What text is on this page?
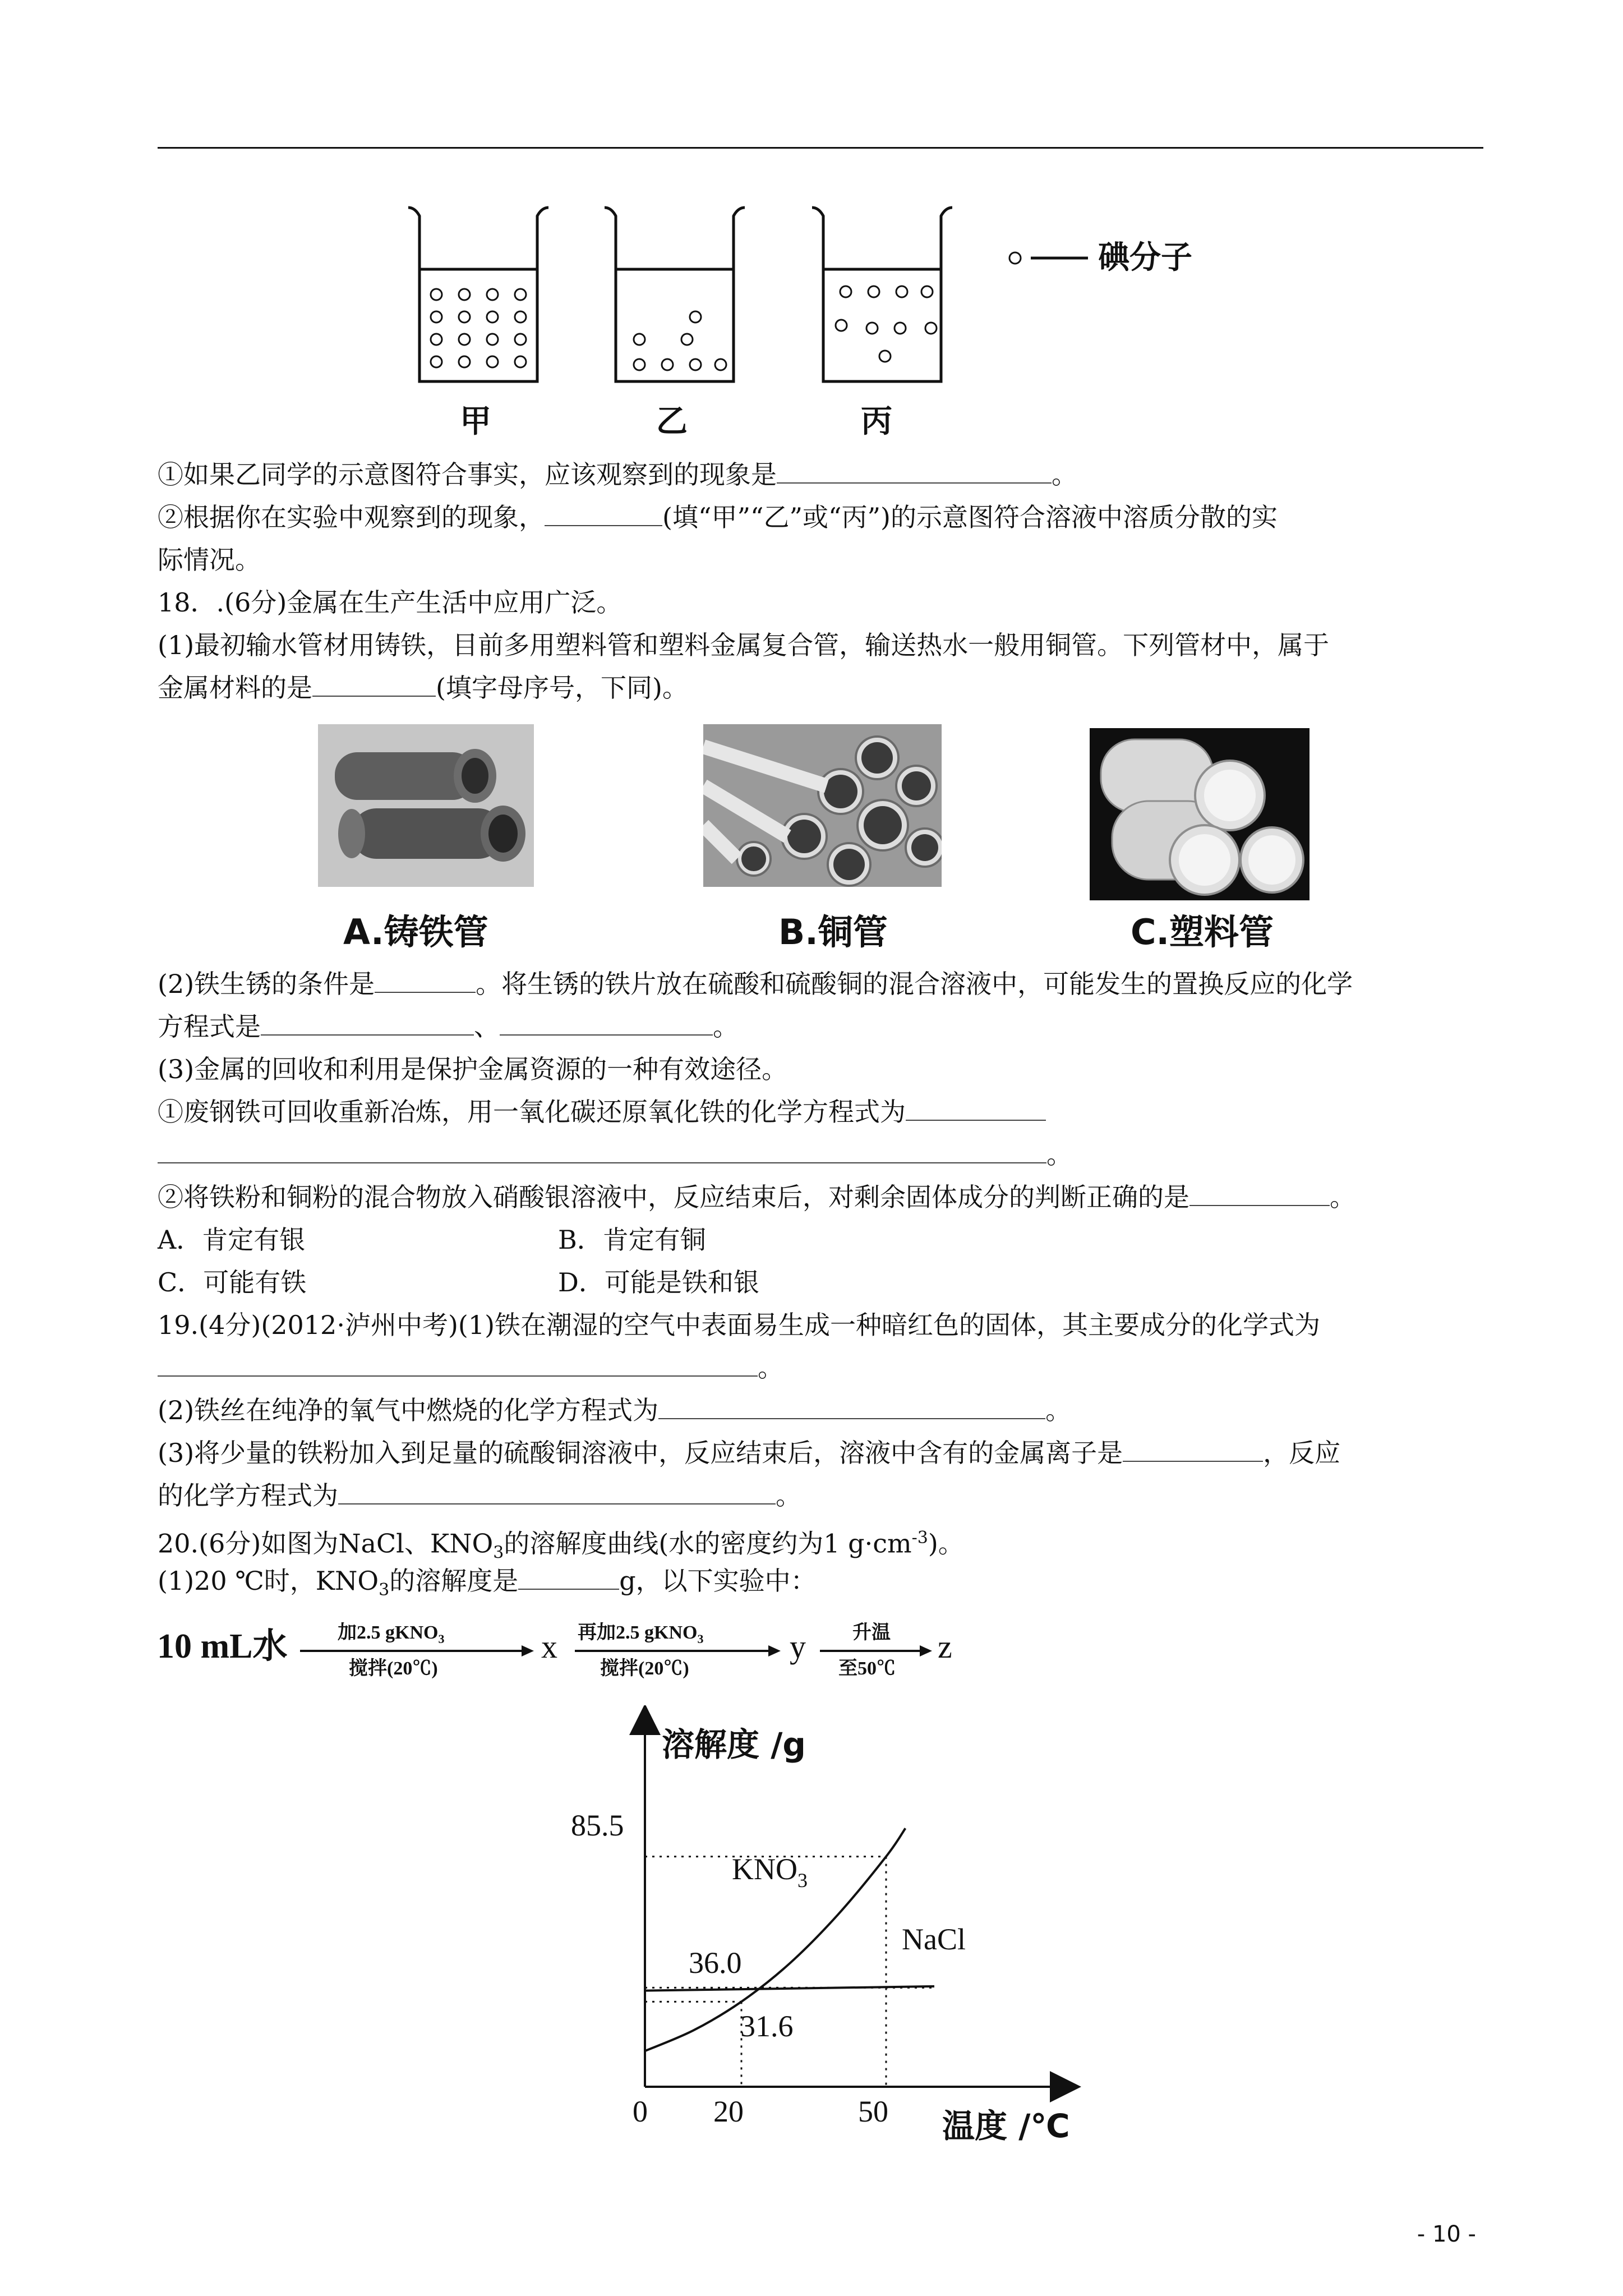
碘分子
甲	乙	丙
①如果乙同学的示意图符合事实，应该观察到的现象是	。
②根据你在实验中观察到的现象，	(填“甲”“乙”或“丙”)的示意图符合溶液中溶质分散的实
际情况。
18．.(6分)金属在生产生活中应用广泛。
(1)最初输水管材用铸铁，目前多用塑料管和塑料金属复合管，输送热水一般用铜管。下列管材中，属于
金属材料的是	(填字母序号，下同)。
A.铸铁管	B.铜管	C.塑料管
(2)铁生锈的条件是	。将生锈的铁片放在硫酸和硫酸铜的混合溶液中，可能发生的置换反应的化学
方程式是	、	。
(3)金属的回收和利用是保护金属资源的一种有效途径。
①废钢铁可回收重新冶炼，用一氧化碳还原氧化铁的化学方程式为
。
②将铁粉和铜粉的混合物放入硝酸银溶液中，反应结束后，对剩余固体成分的判断正确的是	。
A．肯定有银	B．肯定有铜
C．可能有铁	D．可能是铁和银
19.(4分)(2012·泸州中考)(1)铁在潮湿的空气中表面易生成一种暗红色的固体，其主要成分的化学式为
。
(2)铁丝在纯净的氧气中燃烧的化学方程式为	。
(3)将少量的铁粉加入到足量的硫酸铜溶液中，反应结束后，溶液中含有的金属离子是	，反应
的化学方程式为	。
20.(6分)如图为NaCl、$KNO_3$的溶解度曲线(水的密度约为1 $g\cdot cm^{-3}$)。
(1)20 ℃时，$KNO_3$的溶解度是	g，以下实验中：
10 mL水	加2.5 gKNO$_3$
搅拌(20℃)
x 再加2.5 gKNO$_3$
搅拌(20℃)
y 升温
至50℃
z
溶解度 /g
温度 /℃
$KNO_3$
NaCl
85.5
36.0
31.6
0 20	50
- 10 -
